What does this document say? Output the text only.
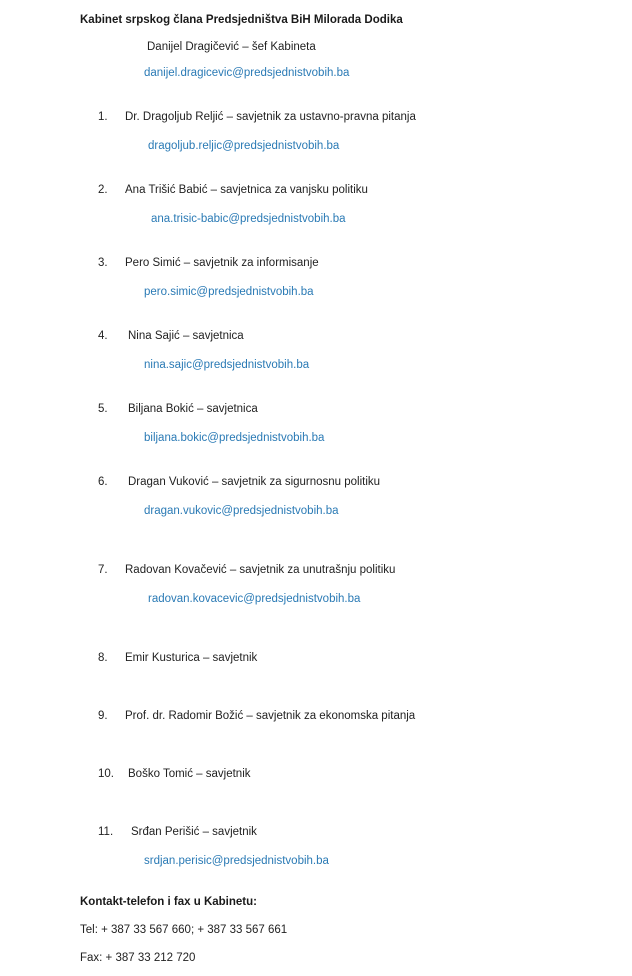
Kabinet srpskog člana Predsjedništva BiH Milorada Dodika
Danijel Dragičević – šef Kabineta
danijel.dragicevic@predsjednistvobih.ba
1. Dr. Dragoljub Reljić – savjetnik za ustavno-pravna pitanja
dragoljub.reljic@predsjednistvobih.ba
2. Ana Trišić Babić – savjetnica za vanjsku politiku
ana.trisic-babic@predsjednistvobih.ba
3. Pero Simić – savjetnik za informisanje
pero.simic@predsjednistvobih.ba
4. Nina Sajić – savjetnica
nina.sajic@predsjednistvobih.ba
5. Biljana Bokić – savjetnica
biljana.bokic@predsjednistvobih.ba
6. Dragan Vuković – savjetnik za sigurnosnu politiku
dragan.vukovic@predsjednistvobih.ba
7. Radovan Kovačević – savjetnik za unutrašnju politiku
radovan.kovacevic@predsjednistvobih.ba
8. Emir Kusturica – savjetnik
9. Prof. dr. Radomir Božić – savjetnik za ekonomska pitanja
10. Boško Tomić – savjetnik
11. Srđan Perišić – savjetnik
srdjan.perisic@predsjednistvobih.ba
Kontakt-telefon i fax u Kabinetu:
Tel: + 387 33 567 660; + 387 33 567 661
Fax: + 387 33 212 720
